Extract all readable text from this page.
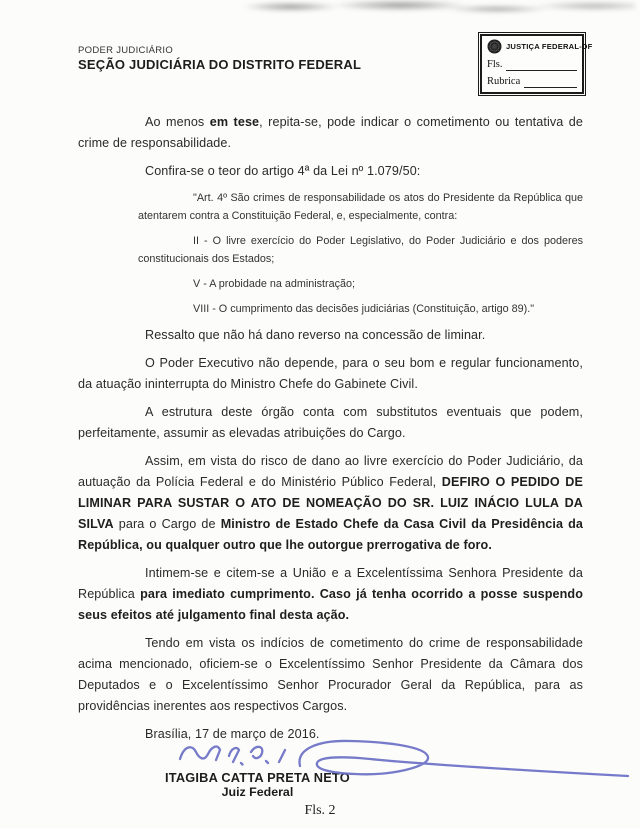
PODER JUDICIÁRIO
SEÇÃO JUDICIÁRIA DO DISTRITO FEDERAL
JUSTIÇA FEDERAL-DF
Fls.
Rubrica

Ao menos em tese, repita-se, pode indicar o cometimento ou tentativa de crime de responsabilidade.

Confira-se o teor do artigo 4ª da Lei nº 1.079/50:

"Art. 4º São crimes de responsabilidade os atos do Presidente da República que atentarem contra a Constituição Federal, e, especialmente, contra:

II - O livre exercício do Poder Legislativo, do Poder Judiciário e dos poderes constitucionais dos Estados;

V - A probidade na administração;

VIII - O cumprimento das decisões judiciárias (Constituição, artigo 89)."

Ressalto que não há dano reverso na concessão de liminar.

O Poder Executivo não depende, para o seu bom e regular funcionamento, da atuação ininterrupta do Ministro Chefe do Gabinete Civil.

A estrutura deste órgão conta com substitutos eventuais que podem, perfeitamente, assumir as elevadas atribuições do Cargo.

Assim, em vista do risco de dano ao livre exercício do Poder Judiciário, da autuação da Polícia Federal e do Ministério Público Federal, DEFIRO O PEDIDO DE LIMINAR PARA SUSTAR O ATO DE NOMEAÇÃO DO SR. LUIZ INÁCIO LULA DA SILVA para o Cargo de Ministro de Estado Chefe da Casa Civil da Presidência da República, ou qualquer outro que lhe outorgue prerrogativa de foro.

Intimem-se e citem-se a União e a Excelentíssima Senhora Presidente da República para imediato cumprimento. Caso já tenha ocorrido a posse suspendo seus efeitos até julgamento final desta ação.

Tendo em vista os indícios de cometimento do crime de responsabilidade acima mencionado, oficiem-se o Excelentíssimo Senhor Presidente da Câmara dos Deputados e o Excelentíssimo Senhor Procurador Geral da República, para as providências inerentes aos respectivos Cargos.

Brasília, 17 de março de 2016.

ITAGIBA CATTA PRETA NETO
Juiz Federal
Fls. 2
